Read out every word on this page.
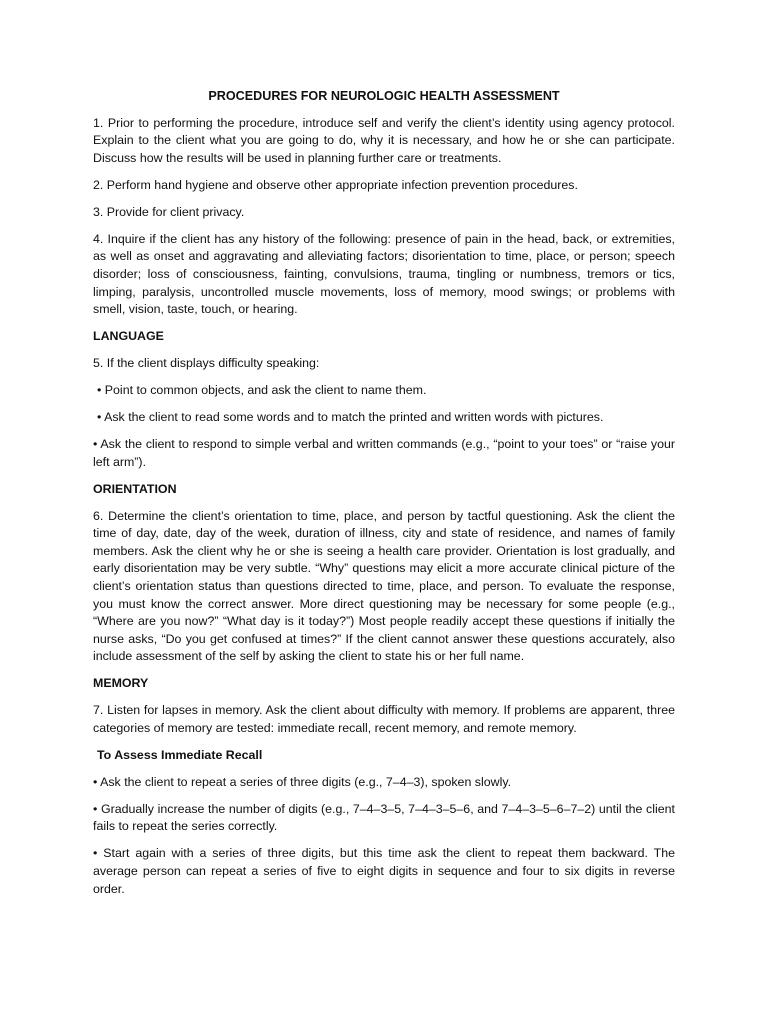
PROCEDURES FOR NEUROLOGIC HEALTH ASSESSMENT
1. Prior to performing the procedure, introduce self and verify the client’s identity using agency protocol. Explain to the client what you are going to do, why it is necessary, and how he or she can participate. Discuss how the results will be used in planning further care or treatments.
2. Perform hand hygiene and observe other appropriate infection prevention procedures.
3. Provide for client privacy.
4. Inquire if the client has any history of the following: presence of pain in the head, back, or extremities, as well as onset and aggravating and alleviating factors; disorientation to time, place, or person; speech disorder; loss of consciousness, fainting, convulsions, trauma, tingling or numbness, tremors or tics, limping, paralysis, uncontrolled muscle movements, loss of memory, mood swings; or problems with smell, vision, taste, touch, or hearing.
LANGUAGE
5. If the client displays difficulty speaking:
• Point to common objects, and ask the client to name them.
• Ask the client to read some words and to match the printed and written words with pictures.
• Ask the client to respond to simple verbal and written commands (e.g., “point to your toes” or “raise your left arm”).
ORIENTATION
6. Determine the client’s orientation to time, place, and person by tactful questioning. Ask the client the time of day, date, day of the week, duration of illness, city and state of residence, and names of family members. Ask the client why he or she is seeing a health care provider. Orientation is lost gradually, and early disorientation may be very subtle. “Why” questions may elicit a more accurate clinical picture of the client’s orientation status than questions directed to time, place, and person. To evaluate the response, you must know the correct answer. More direct questioning may be necessary for some people (e.g., “Where are you now?” “What day is it today?”) Most people readily accept these questions if initially the nurse asks, “Do you get confused at times?” If the client cannot answer these questions accurately, also include assessment of the self by asking the client to state his or her full name.
MEMORY
7. Listen for lapses in memory. Ask the client about difficulty with memory. If problems are apparent, three categories of memory are tested: immediate recall, recent memory, and remote memory.
To Assess Immediate Recall
• Ask the client to repeat a series of three digits (e.g., 7–4–3), spoken slowly.
• Gradually increase the number of digits (e.g., 7–4–3–5, 7–4–3–5–6, and 7–4–3–5–6–7–2) until the client fails to repeat the series correctly.
• Start again with a series of three digits, but this time ask the client to repeat them backward. The average person can repeat a series of five to eight digits in sequence and four to six digits in reverse order.
